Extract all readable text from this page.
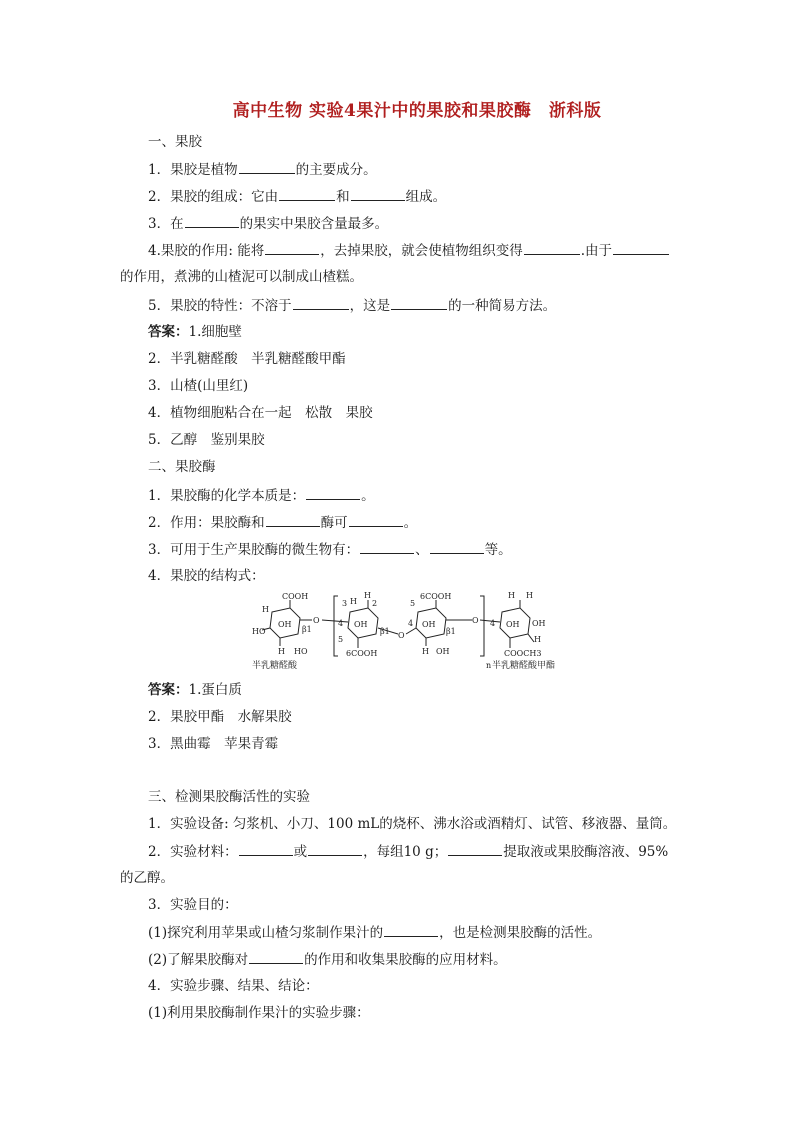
高中生物 实验4果汁中的果胶和果胶酶　浙科版
一、果胶
1．果胶是植物	的主要成分。
2．果胶的组成：它由	和	组成。
3．在	的果实中果胶含量最多。
4.果胶的作用: 能将	，去掉果胶，就会使植物组织变得	.由于
的作用，煮沸的山楂泥可以制成山楂糕。
5．果胶的特性：不溶于	，这是	的一种简易方法。
答案：1.细胞壁
2．半乳糖醛酸　半乳糖醛酸甲酯
3．山楂(山里红)
4．植物细胞粘合在一起　松散　果胶
5．乙醇　鉴别果胶
二、果胶酶
1．果胶酶的化学本质是：	。
2．作用：果胶酶和	酶可	。
3．可用于生产果胶酶的微生物有：	、	等。
4．果胶的结构式：
COOH
H
OH
HO
H HO
β1
O
3 H 2
H
OH
4
5
6COOH
β1 O
6COOH
5
OH
4
H OH
β1
O
H H
OH
4	OH
COOCH3
H
n
半乳糖醛酸	半乳糖醛酸甲酯
答案：1.蛋白质
2．果胶甲酯　水解果胶
3．黑曲霉　苹果青霉
三、检测果胶酶活性的实验
1．实验设备: 匀浆机、小刀、100 mL的烧杯、沸水浴或酒精灯、试管、移液器、量筒。
2．实验材料：	或	，每组10 g；	提取液或果胶酶溶液、95%
的乙醇。
3．实验目的：
(1)探究利用苹果或山楂匀浆制作果汁的	，也是检测果胶酶的活性。
(2)了解果胶酶对	的作用和收集果胶酶的应用材料。
4．实验步骤、结果、结论：
(1)利用果胶酶制作果汁的实验步骤：
